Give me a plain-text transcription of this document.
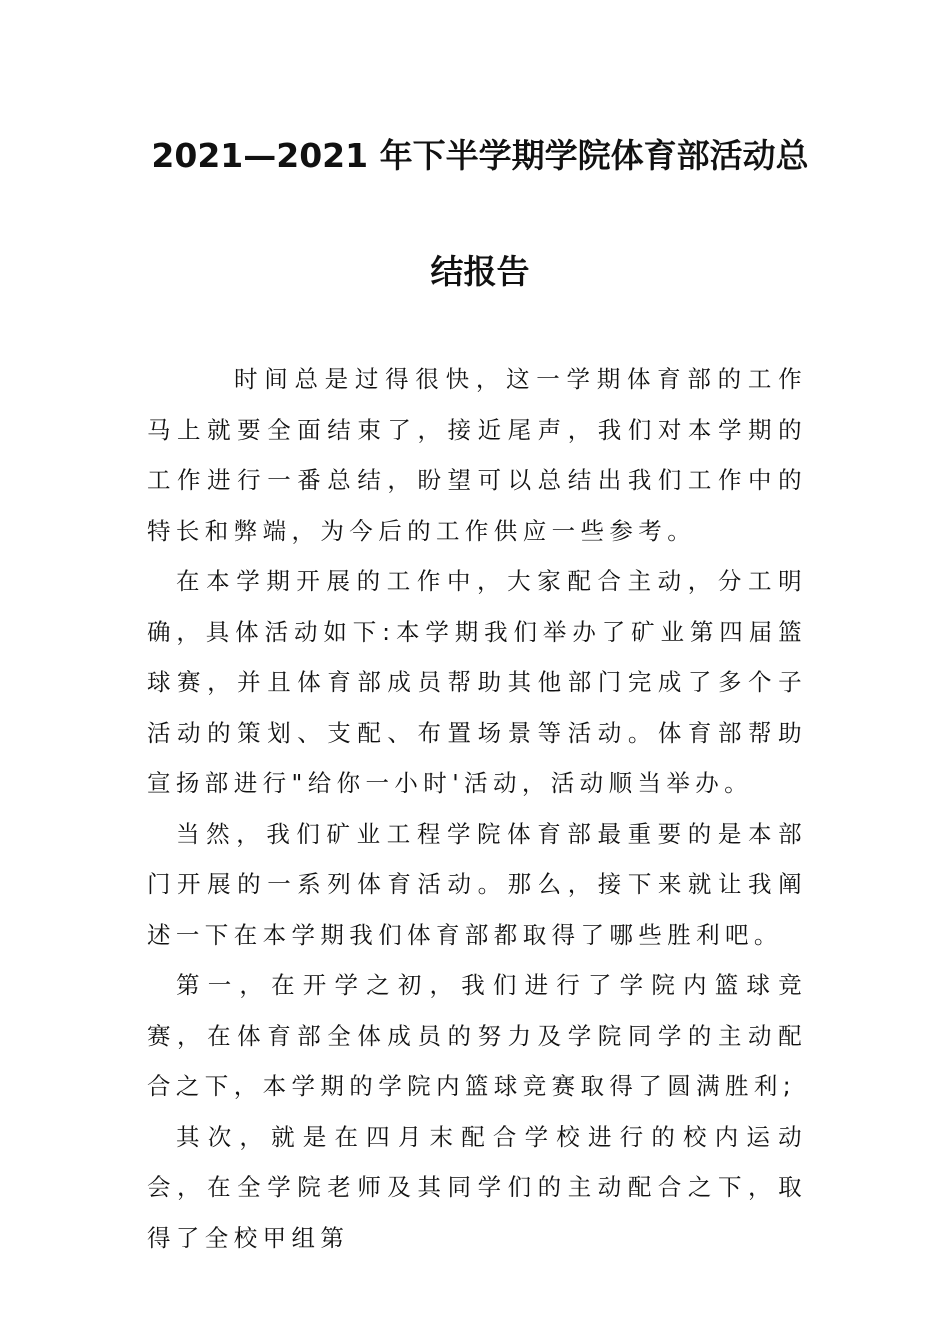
2021—2021 年下半学期学院体育部活动总
结报告

时间总是过得很快，这一学期体育部的工作马上就要全面结束了，接近尾声，我们对本学期的工作进行一番总结，盼望可以总结出我们工作中的特长和弊端，为今后的工作供应一些参考。

在本学期开展的工作中，大家配合主动，分工明确，具体活动如下:本学期我们举办了矿业第四届篮球赛，并且体育部成员帮助其他部门完成了多个子活动的策划、支配、布置场景等活动。体育部帮助宣扬部进行"给你一小时'活动，活动顺当举办。

当然，我们矿业工程学院体育部最重要的是本部门开展的一系列体育活动。那么，接下来就让我阐述一下在本学期我们体育部都取得了哪些胜利吧。

第一，在开学之初，我们进行了学院内篮球竞赛，在体育部全体成员的努力及学院同学的主动配合之下，本学期的学院内篮球竞赛取得了圆满胜利;

其次，就是在四月末配合学校进行的校内运动会，在全学院老师及其同学们的主动配合之下，取得了全校甲组第
